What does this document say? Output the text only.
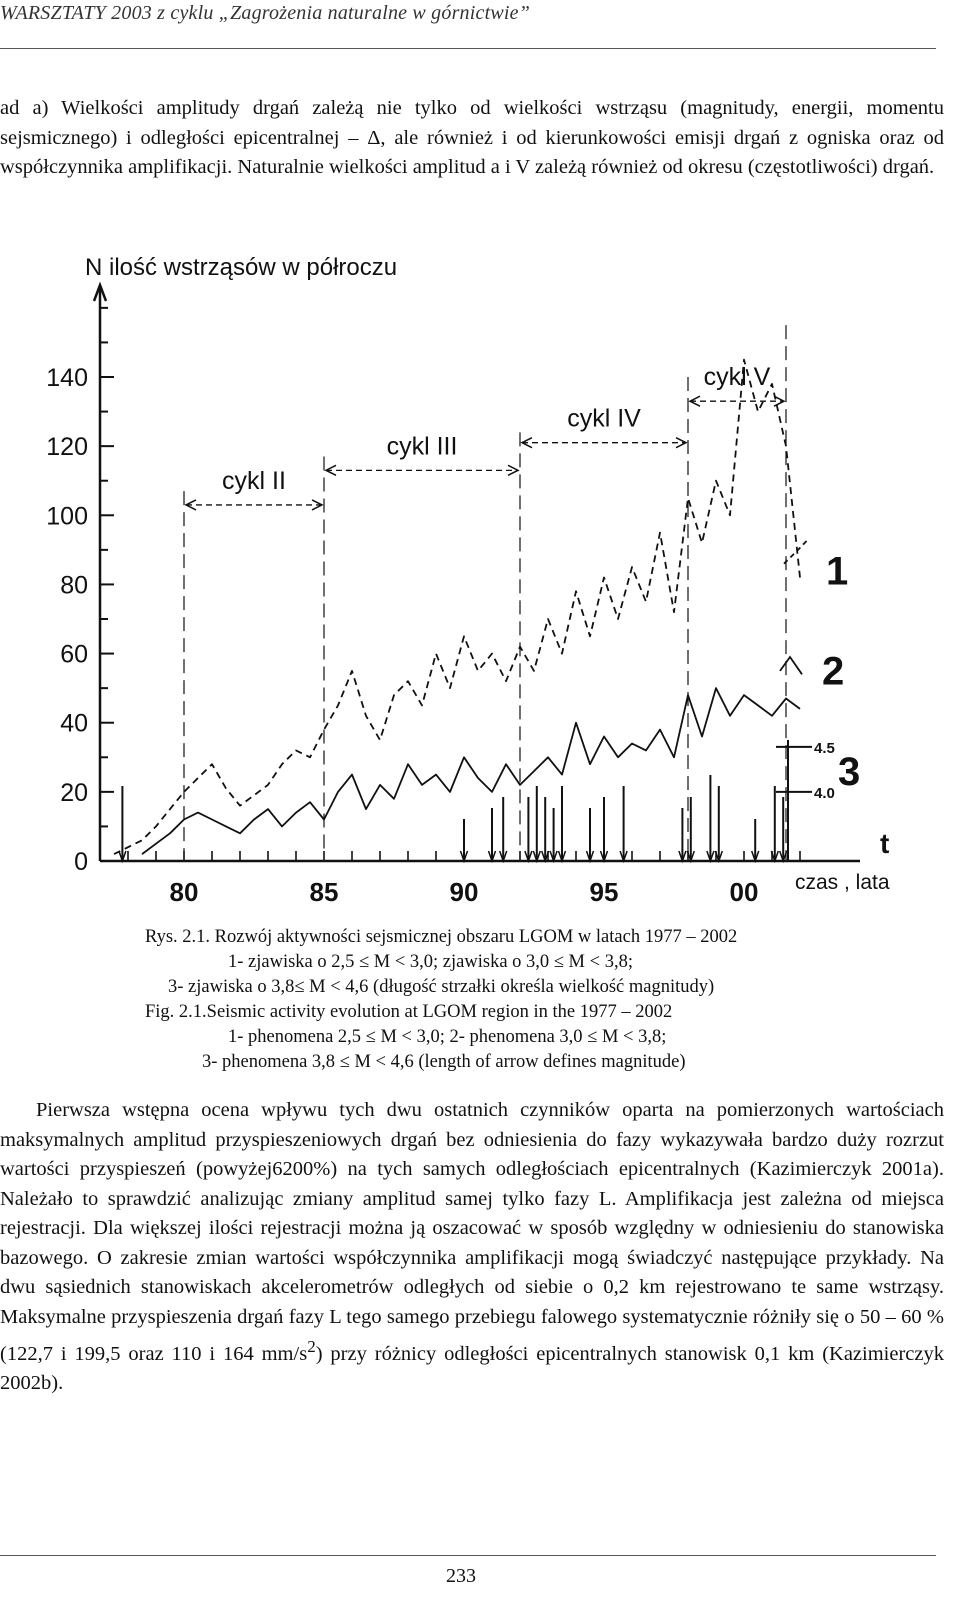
WARSZTATY 2003 z cyklu „Zagrożenia naturalne w górnictwie”

ad a) Wielkości amplitudy drgań zależą nie tylko od wielkości wstrząsu (magnitudy, energii, momentu sejsmicznego) i odległości epicentralnej – Δ, ale również i od kierunkowości emisji drgań z ogniska oraz od współczynnika amplifikacji. Naturalnie wielkości amplitud a i V zależą również od okresu (częstotliwości) drgań.

N ilość wstrząsów w półroczu
t
czas , lata
0
20
40
60
80
100
120
140
80	85	90	95	00
cykl II
cykl III
cykl IV
cykl V
1
2
4.5
4.0 3
Rys. 2.1. Rozwój aktywności sejsmicznej obszaru LGOM w latach 1977 – 2002
1- zjawiska o 2,5 ≤ M < 3,0; zjawiska o 3,0 ≤ M < 3,8;
3- zjawiska o 3,8≤ M < 4,6 (długość strzałki określa wielkość magnitudy)
Fig. 2.1.Seismic activity evolution at LGOM region in the 1977 – 2002
1- phenomena 2,5 ≤ M < 3,0; 2- phenomena 3,0 ≤ M < 3,8;
3- phenomena 3,8 ≤ M < 4,6 (length of arrow defines magnitude)

Pierwsza wstępna ocena wpływu tych dwu ostatnich czynników oparta na pomierzonych wartościach maksymalnych amplitud przyspieszeniowych drgań bez odniesienia do fazy wykazywała bardzo duży rozrzut wartości przyspieszeń (powyżej6200%) na tych samych odległościach epicentralnych (Kazimierczyk 2001a). Należało to sprawdzić analizując zmiany amplitud samej tylko fazy L. Amplifikacja jest zależna od miejsca rejestracji. Dla większej ilości rejestracji można ją oszacować w sposób względny w odniesieniu do stanowiska bazowego. O zakresie zmian wartości współczynnika amplifikacji mogą świadczyć następujące przykłady. Na dwu sąsiednich stanowiskach akcelerometrów odległych od siebie o 0,2 km rejestrowano te same wstrząsy. Maksymalne przyspieszenia drgań fazy L tego samego przebiegu falowego systematycznie różniły się o 50 – 60 % (122,7 i 199,5 oraz 110 i 164 $mm/s^2$) przy różnicy odległości epicentralnych stanowisk 0,1 km (Kazimierczyk 2002b).

233
